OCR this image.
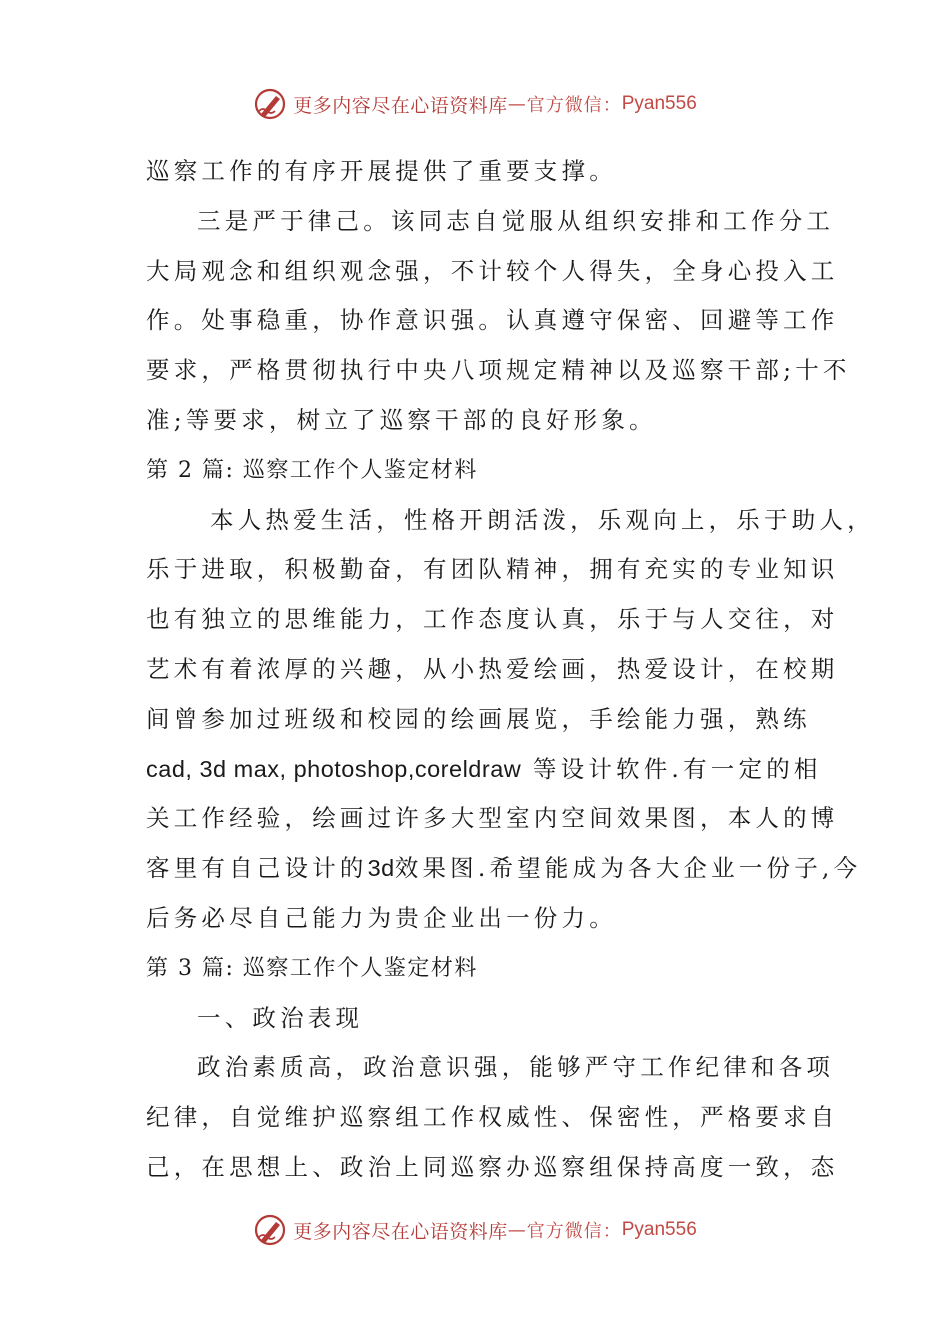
更多内容尽在心语资料库 — 官方微信： Pyan556

巡察工作的有序开展提供了重要支撑。

三是严于律己。该同志自觉服从组织安排和工作分工

大局观念和组织观念强，不计较个人得失，全身心投入工

作。处事稳重，协作意识强。认真遵守保密、回避等工作

要求，严格贯彻执行中央八项规定精神以及巡察干部;十不

准;等要求，树立了巡察干部的良好形象。

第 2 篇: 巡察工作个人鉴定材料

本人热爱生活，性格开朗活泼，乐观向上，乐于助人，

乐于进取，积极勤奋，有团队精神，拥有充实的专业知识

也有独立的思维能力，工作态度认真，乐于与人交往，对

艺术有着浓厚的兴趣，从小热爱绘画，热爱设计，在校期

间曾参加过班级和校园的绘画展览，手绘能力强，熟练

cad, 3d max, photoshop,coreldraw 等设计软件.有一定的相

关工作经验，绘画过许多大型室内空间效果图，本人的博

客里有自己设计的3d效果图.希望能成为各大企业一份子,今

后务必尽自己能力为贵企业出一份力。

第 3 篇: 巡察工作个人鉴定材料

一、政治表现

政治素质高，政治意识强，能够严守工作纪律和各项

纪律，自觉维护巡察组工作权威性、保密性，严格要求自

己，在思想上、政治上同巡察办巡察组保持高度一致，态

更多内容尽在心语资料库 — 官方微信： Pyan556
